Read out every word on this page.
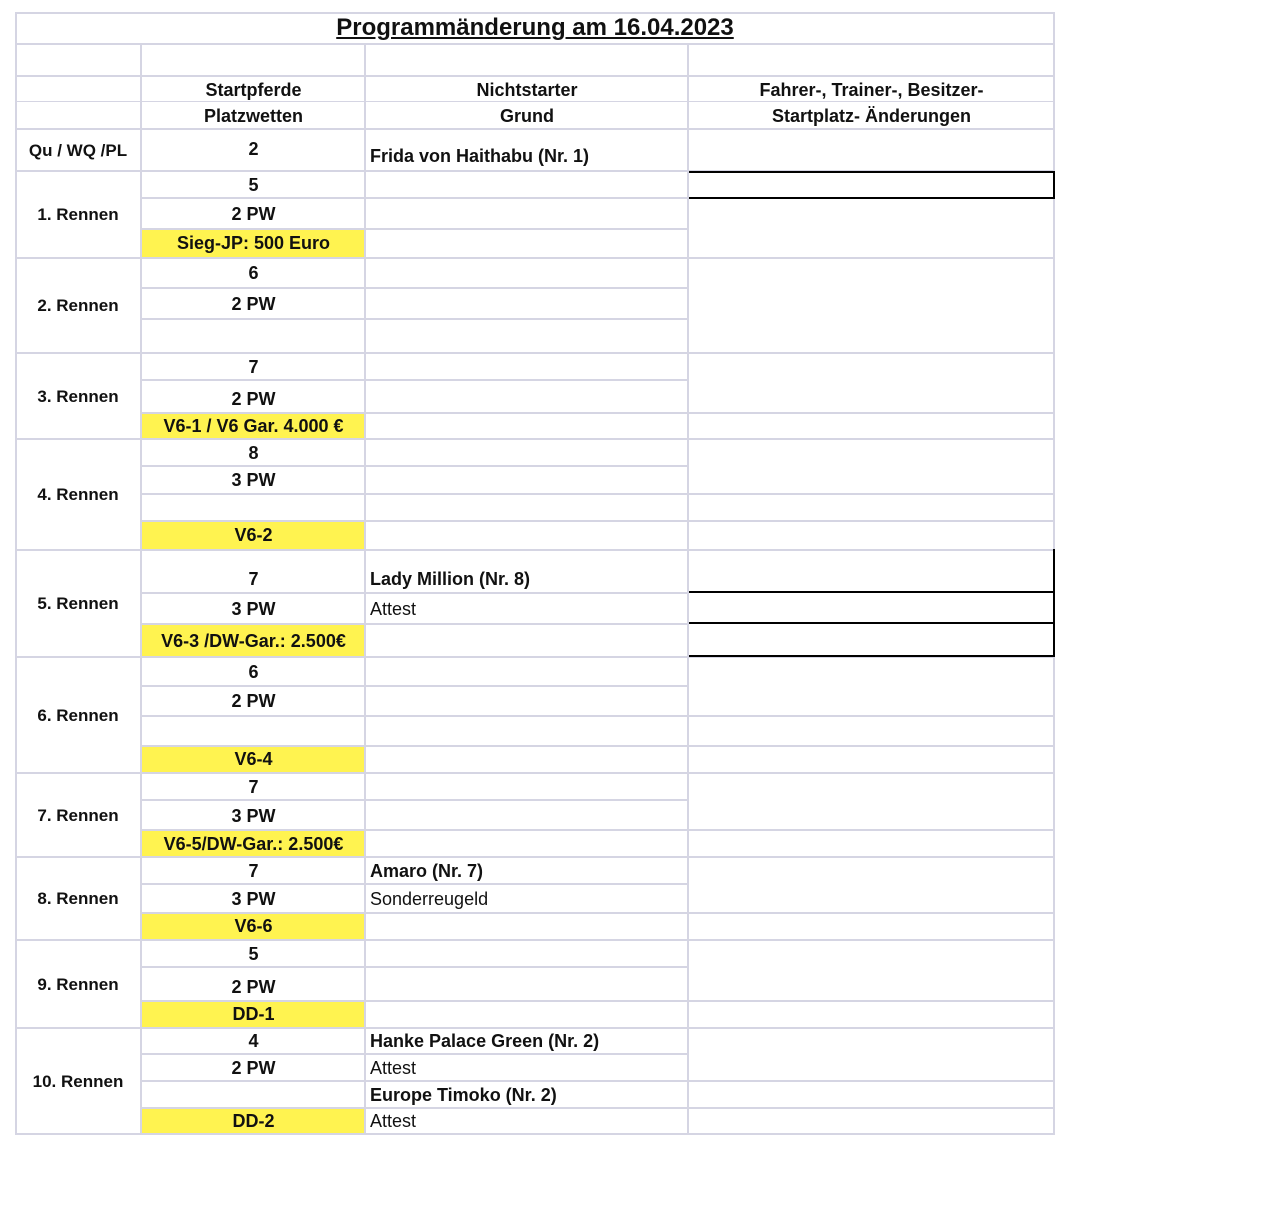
Programmänderung am 16.04.2023
Startpferde
Platzwetten
Nichtstarter
Grund
Fahrer-, Trainer-, Besitzer-
Startplatz- Änderungen
Qu / WQ /PL	2	Frida von Haithabu (Nr. 1)
1. Rennen
5
2 PW
Sieg-JP: 500 Euro
2. Rennen
6
2 PW
3. Rennen
7
2 PW
V6-1 / V6 Gar. 4.000 €
4. Rennen
8
3 PW
V6-2
5. Rennen
7
3 PW
V6-3 /DW-Gar.: 2.500€
Lady Million (Nr. 8)
Attest
6. Rennen
6
2 PW
V6-4
7. Rennen
7
3 PW
V6-5/DW-Gar.: 2.500€
8. Rennen
7
3 PW
V6-6
Amaro (Nr. 7)
Sonderreugeld
9. Rennen
5
2 PW
DD-1
10. Rennen
4
2 PW
DD-2
Hanke Palace Green (Nr. 2)
Attest
Europe Timoko (Nr. 2)
Attest
